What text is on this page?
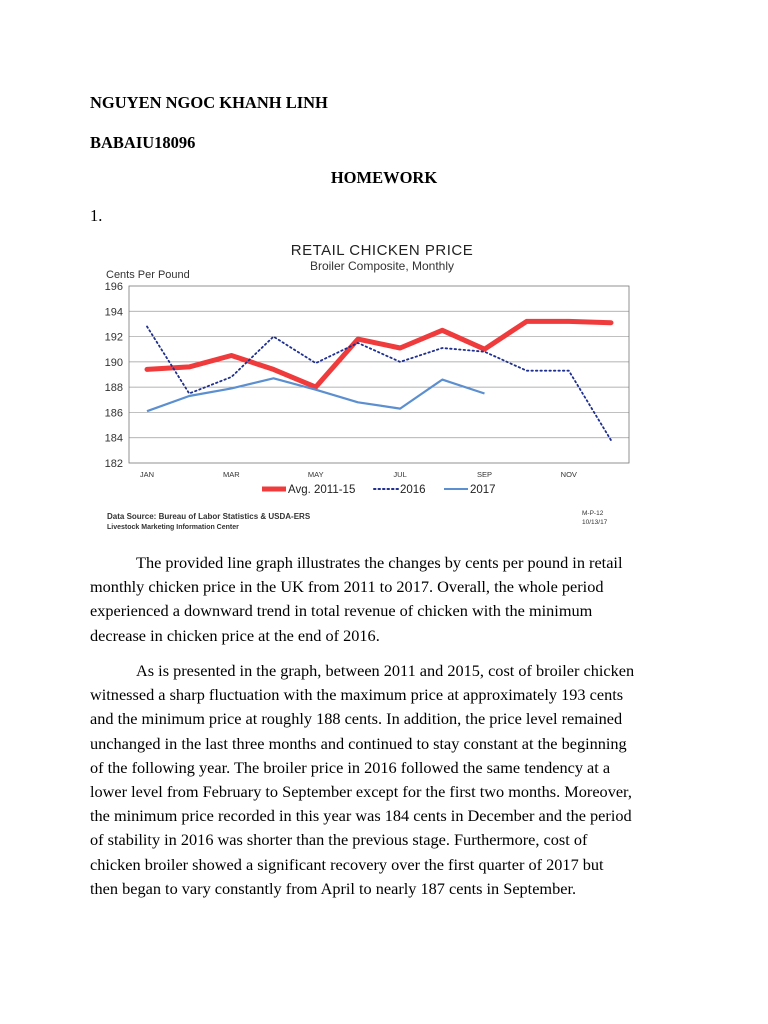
NGUYEN NGOC KHANH LINH
BABAIU18096
HOMEWORK
1.
RETAIL CHICKEN PRICE
Broiler Composite, Monthly
Cents Per Pound
182
184
186
188
190
192
194
196
JAN	MAR	MAY	JUL	SEP	NOV
Avg. 2011-15	2016	2017
Data Source: Bureau of Labor Statistics & USDA-ERS
Livestock Marketing Information Center
M-P-12
10/13/17
The provided line graph illustrates the changes by cents per pound in retail
monthly chicken price in the UK from 2011 to 2017. Overall, the whole period
experienced a downward trend in total revenue of chicken with the minimum
decrease in chicken price at the end of 2016.
As is presented in the graph, between 2011 and 2015, cost of broiler chicken
witnessed a sharp fluctuation with the maximum price at approximately 193 cents
and the minimum price at roughly 188 cents. In addition, the price level remained
unchanged in the last three months and continued to stay constant at the beginning
of the following year. The broiler price in 2016 followed the same tendency at a
lower level from February to September except for the first two months. Moreover,
the minimum price recorded in this year was 184 cents in December and the period
of stability in 2016 was shorter than the previous stage. Furthermore, cost of
chicken broiler showed a significant recovery over the first quarter of 2017 but
then began to vary constantly from April to nearly 187 cents in September.
